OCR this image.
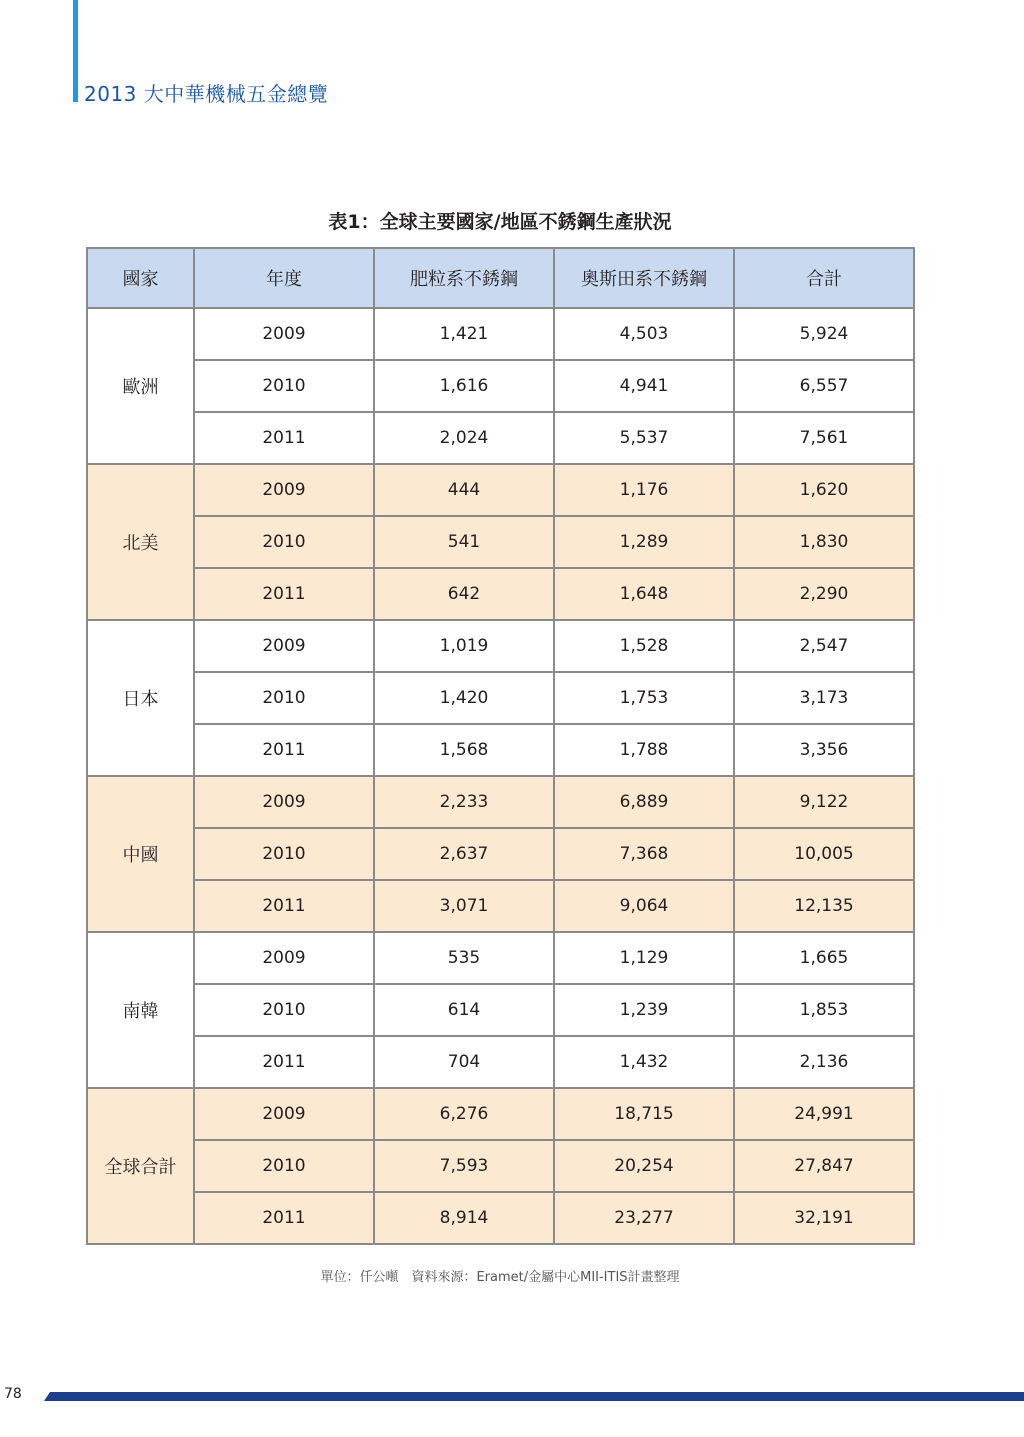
2013 大中華機械五金總覽
表1：全球主要國家/地區不銹鋼生產狀況
國家	年度	肥粒系不銹鋼	奧斯田系不銹鋼	合計
歐洲	2009	1,421	4,503	5,924
	2010	1,616	4,941	6,557
	2011	2,024	5,537	7,561
北美	2009	444	1,176	1,620
	2010	541	1,289	1,830
	2011	642	1,648	2,290
日本	2009	1,019	1,528	2,547
	2010	1,420	1,753	3,173
	2011	1,568	1,788	3,356
中國	2009	2,233	6,889	9,122
	2010	2,637	7,368	10,005
	2011	3,071	9,064	12,135
南韓	2009	535	1,129	1,665
	2010	614	1,239	1,853
	2011	704	1,432	2,136
全球合計	2009	6,276	18,715	24,991
	2010	7,593	20,254	27,847
	2011	8,914	23,277	32,191
單位：仟公噸　資料來源：Eramet/金屬中心MII-ITIS計畫整理
78
